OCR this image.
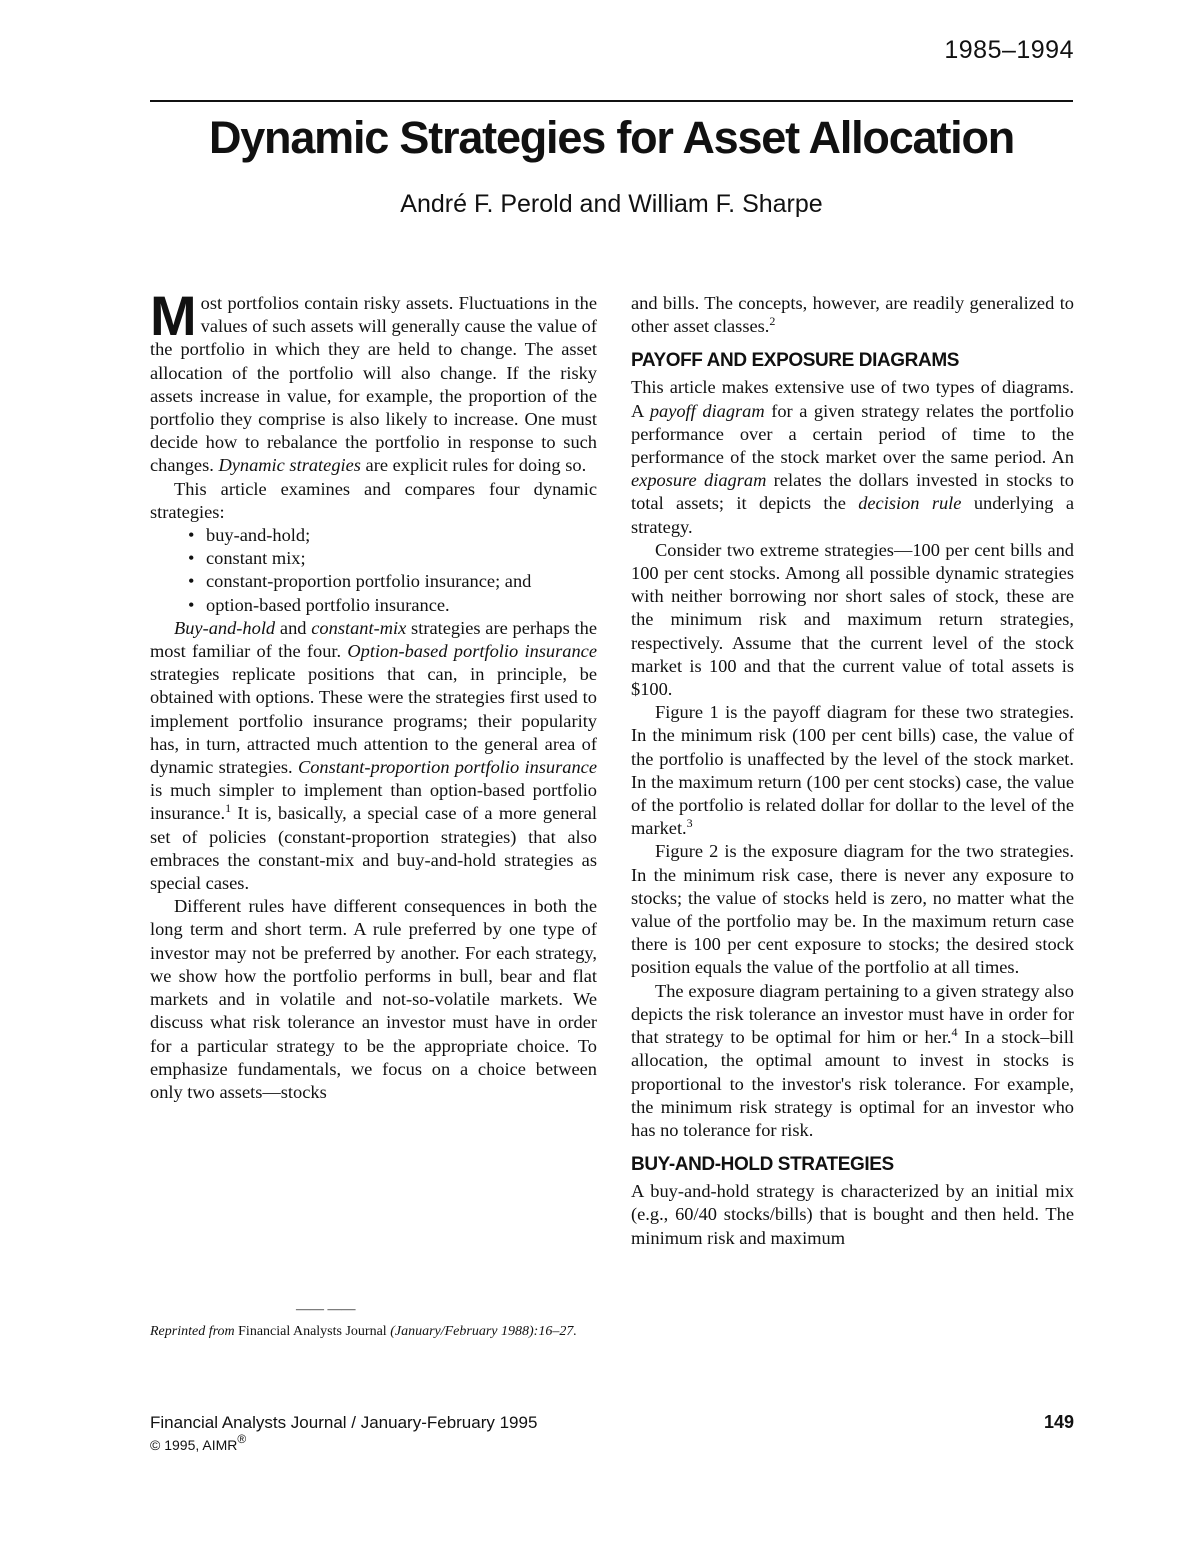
1985–1994
Dynamic Strategies for Asset Allocation
André F. Perold and William F. Sharpe

Most portfolios contain risky assets. Fluctuations in the values of such assets will generally cause the value of the portfolio in which they are held to change. The asset allocation of the portfolio will also change. If the risky assets increase in value, for example, the proportion of the portfolio they comprise is also likely to increase. One must decide how to rebalance the portfolio in response to such changes. Dynamic strategies are explicit rules for doing so.

This article examines and compares four dynamic strategies:

• buy-and-hold;
• constant mix;
• constant-proportion portfolio insurance; and
• option-based portfolio insurance.

Buy-and-hold and constant-mix strategies are perhaps the most familiar of the four. Option-based portfolio insurance strategies replicate positions that can, in principle, be obtained with options. These were the strategies first used to implement portfolio insurance programs; their popularity has, in turn, attracted much attention to the general area of dynamic strategies. Constant-proportion portfolio insurance is much simpler to implement than option-based portfolio insurance.$^1$ It is, basically, a special case of a more general set of policies (constant-proportion strategies) that also embraces the constant-mix and buy-and-hold strategies as special cases.

Different rules have different consequences in both the long term and short term. A rule preferred by one type of investor may not be preferred by another. For each strategy, we show how the portfolio performs in bull, bear and flat markets and in volatile and not-so-volatile markets. We discuss what risk tolerance an investor must have in order for a particular strategy to be the appropriate choice. To emphasize fundamentals, we focus on a choice between only two assets—stocks

and bills. The concepts, however, are readily generalized to other asset classes.$^2$

PAYOFF AND EXPOSURE DIAGRAMS

This article makes extensive use of two types of diagrams. A payoff diagram for a given strategy relates the portfolio performance over a certain period of time to the performance of the stock market over the same period. An exposure diagram relates the dollars invested in stocks to total assets; it depicts the decision rule underlying a strategy.

Consider two extreme strategies—100 per cent bills and 100 per cent stocks. Among all possible dynamic strategies with neither borrowing nor short sales of stock, these are the minimum risk and maximum return strategies, respectively. Assume that the current level of the stock market is 100 and that the current value of total assets is $100.

Figure 1 is the payoff diagram for these two strategies. In the minimum risk (100 per cent bills) case, the value of the portfolio is unaffected by the level of the stock market. In the maximum return (100 per cent stocks) case, the value of the portfolio is related dollar for dollar to the level of the market.$^3$

Figure 2 is the exposure diagram for the two strategies. In the minimum risk case, there is never any exposure to stocks; the value of stocks held is zero, no matter what the value of the portfolio may be. In the maximum return case there is 100 per cent exposure to stocks; the desired stock position equals the value of the portfolio at all times.

The exposure diagram pertaining to a given strategy also depicts the risk tolerance an investor must have in order for that strategy to be optimal for him or her.$^4$ In a stock–bill allocation, the optimal amount to invest in stocks is proportional to the investor's risk tolerance. For example, the minimum risk strategy is optimal for an investor who has no tolerance for risk.

BUY-AND-HOLD STRATEGIES

A buy-and-hold strategy is characterized by an initial mix (e.g., 60/40 stocks/bills) that is bought and then held. The minimum risk and maximum

—— ——
Reprinted from Financial Analysts Journal (January/February 1988):16–27.
Financial Analysts Journal / January-February 1995
© 1995, AIMR®
149
